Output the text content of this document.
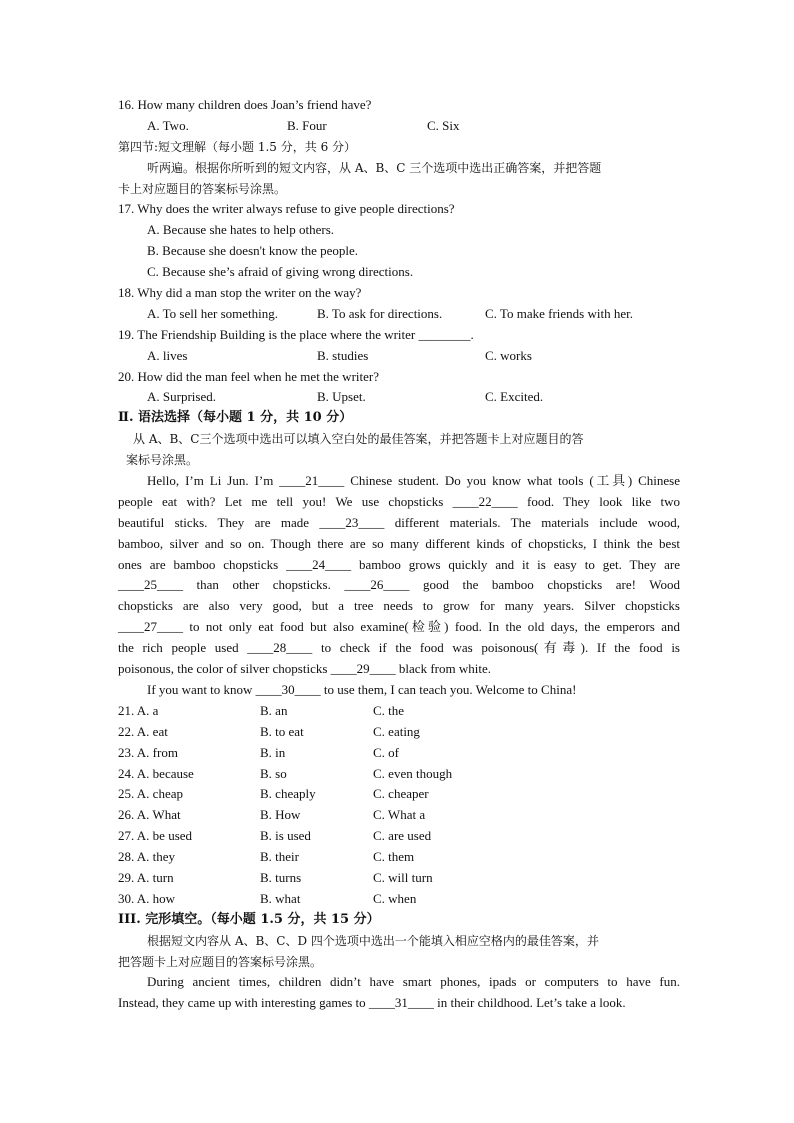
16. How many children does Joan’s friend have?
A. Two.	B. Four	C. Six
第四节:短文理解（每小题 1.5 分，共 6 分）
听两遍。根据你所听到的短文内容，从 A、B、C 三个选项中选出正确答案，并把答题
卡上对应题目的答案标号涂黑。
17. Why does the writer always refuse to give people directions?
A. Because she hates to help others.
B. Because she doesn't know the people.
C. Because she’s afraid of giving wrong directions.
18. Why did a man stop the writer on the way?
A. To sell her something.	B. To ask for directions.	C. To make friends with her.
19. The Friendship Building is the place where the writer ________.
A. lives	B. studies	C. works
20. How did the man feel when he met the writer?
A. Surprised.	B. Upset.	C. Excited.
Ⅱ. 语法选择（每小题 1 分，共 10 分）
从 A、B、C三个选项中选出可以填入空白处的最佳答案，并把答题卡上对应题目的答
案标号涂黑。
Hello, I’m Li Jun. I’m ____21____ Chinese student. Do you know what tools (工具) Chinese
people eat with? Let me tell you! We use chopsticks ____22____ food. They look like two
beautiful sticks. They are made ____23____ different materials. The materials include wood,
bamboo, silver and so on. Though there are so many different kinds of chopsticks, I think the best
ones are bamboo chopsticks ____24____ bamboo grows quickly and it is easy to get. They are
____25____ than other chopsticks. ____26____ good the bamboo chopsticks are! Wood
chopsticks are also very good, but a tree needs to grow for many years. Silver chopsticks
____27____ to not only eat food but also examine(检验) food. In the old days, the emperors and
the rich people used ____28____ to check if the food was poisonous(有毒). If the food is
poisonous, the color of silver chopsticks ____29____ black from white.
If you want to know ____30____ to use them, I can teach you. Welcome to China!
21. A. a	B. an	C. the
22. A. eat	B. to eat	C. eating
23. A. from	B. in	C. of
24. A. because	B. so	C. even though
25. A. cheap	B. cheaply	C. cheaper
26. A. What	B. How	C. What a
27. A. be used	B. is used	C. are used
28. A. they	B. their	C. them
29. A. turn	B. turns	C. will turn
30. A. how	B. what	C. when
III. 完形填空。（每小题 1.5 分，共 15 分）
根据短文内容从 A、B、C、D 四个选项中选出一个能填入相应空格内的最佳答案，并
把答题卡上对应题目的答案标号涂黑。
During ancient times, children didn’t have smart phones, ipads or computers to have fun.
Instead, they came up with interesting games to ____31____ in their childhood. Let’s take a look.
